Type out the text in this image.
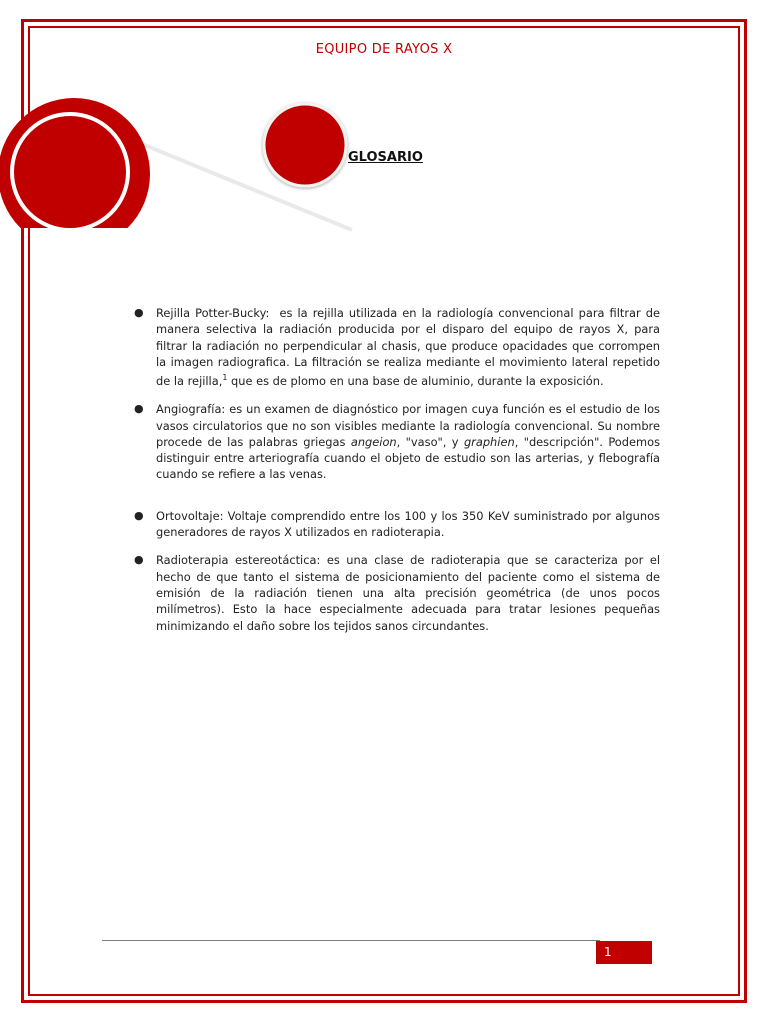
EQUIPO DE RAYOS X
GLOSARIO
●	Rejilla Potter-Bucky:  es la rejilla utilizada en la radiología convencional para filtrar de manera selectiva la radiación producida por el disparo del equipo de rayos X, para filtrar la radiación no perpendicular al chasis, que produce opacidades que corrompen la imagen radiografica. La filtración se realiza mediante el movimiento lateral repetido de la rejilla,$^1$ que es de plomo en una base de aluminio, durante la exposición.
●	Angiografía: es un examen de diagnóstico por imagen cuya función es el estudio de los vasos circulatorios que no son visibles mediante la radiología convencional. Su nombre procede de las palabras griegas angeion, "vaso", y graphien, "descripción". Podemos distinguir entre arteriografía cuando el objeto de estudio son las arterias, y flebografía cuando se refiere a las venas.
●	Ortovoltaje: Voltaje comprendido entre los 100 y los 350 KeV suministrado por algunos generadores de rayos X utilizados en radioterapia.
●	Radioterapia estereotáctica: es una clase de radioterapia que se caracteriza por el hecho de que tanto el sistema de posicionamiento del paciente como el sistema de emisión de la radiación tienen una alta precisión geométrica (de unos pocos milímetros). Esto la hace especialmente adecuada para tratar lesiones pequeñas minimizando el daño sobre los tejidos sanos circundantes.
1
